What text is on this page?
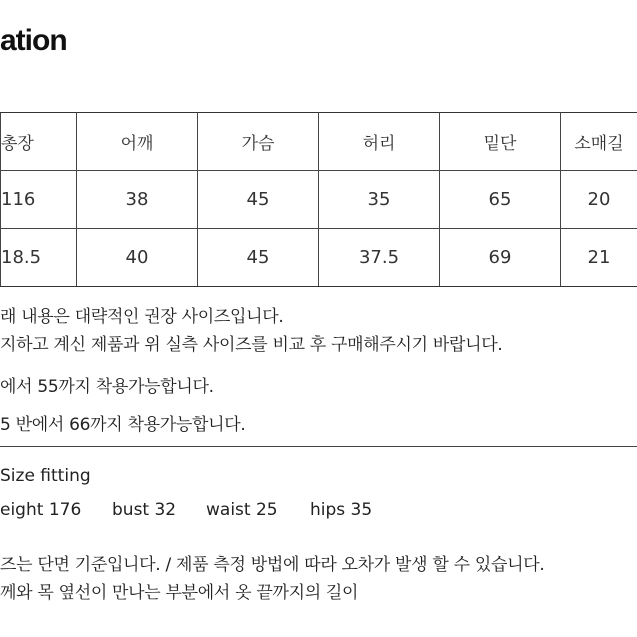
ation
총장	어깨	가슴	허리	밑단	소매길
116	38	45	35	65	20
18.5	40	45	37.5	69	21
래 내용은 대략적인 권장 사이즈입니다.
지하고 계신 제품과 위 실측 사이즈를 비교 후 구매해주시기 바랍니다.
에서 55까지 착용가능합니다.
5 반에서 66까지 착용가능합니다.
Size fitting
eight 176 bust 32 waist 25 hips 35
즈는 단면 기준입니다. / 제품 측정 방법에 따라 오차가 발생 할 수 있습니다.
께와 목 옆선이 만나는 부분에서 옷 끝까지의 길이
